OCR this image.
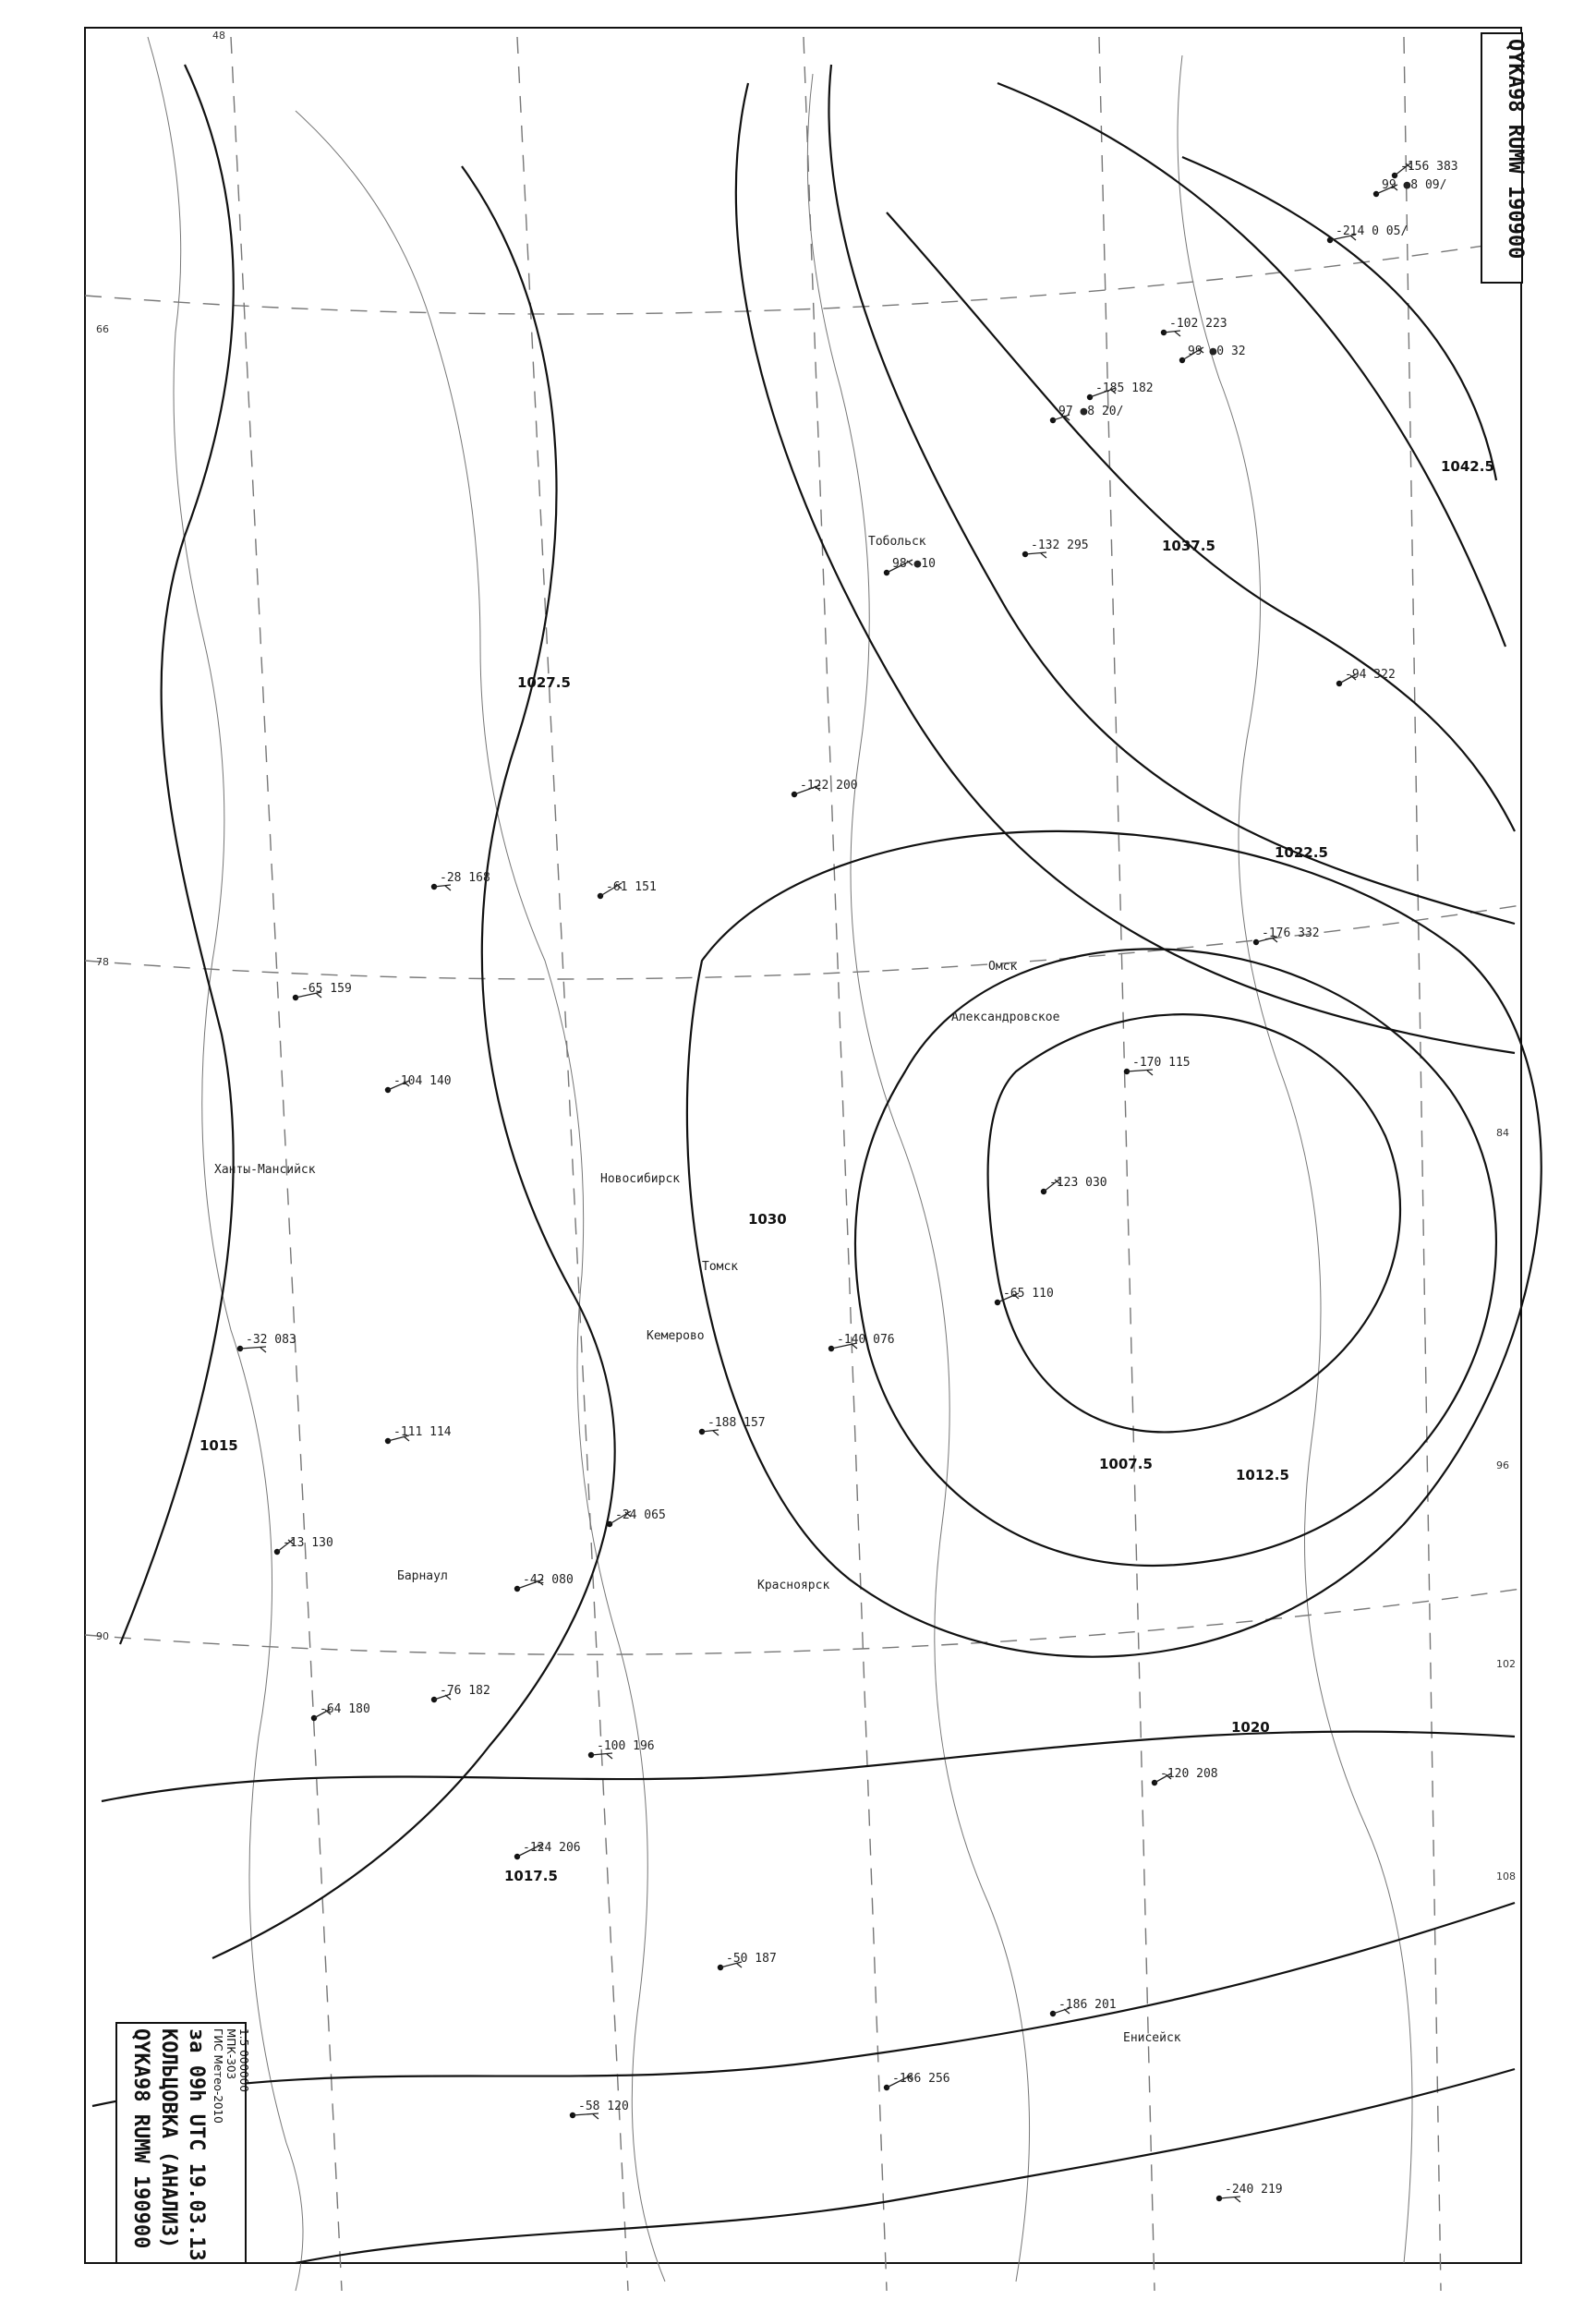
1007.5
1012.5
1015
1017.5
1020
1022.5
1027.5
1030
1037.5
1042.5
Омск
Новосибирск
Кемерово
Красноярск
Томск
Барнаул
Александровское
Тобольск
Енисейск
Ханты-Мансийск
-156 383
99 ●8 09/
-214 0 05/
-102 223
99 ●0 32
-185 182
97 ●8 20/
-132 295
98 ●10
-94 322
-176 332
-170 115
-123 030
-65 110
-140 076
-188 157
-24 065
-42 080
-76 182
-100 196
-124 206
-64 180
-111 114
-32 083
-13 130
-104 140
-65 159
-28 168
-61 151
-122 200
-186 201
-240 219
-166 256
-120 208
-50 187
-58 120
48
66
78
90
96
102
108
84
QYKA98 RUMW 190900
QYKA98 RUMW 190900 КОЛЬЦОВКА (АНАЛИЗ) за 09h UTC 19.03.13 ГИС Метео-2010 МПК-303 1:5 000000
